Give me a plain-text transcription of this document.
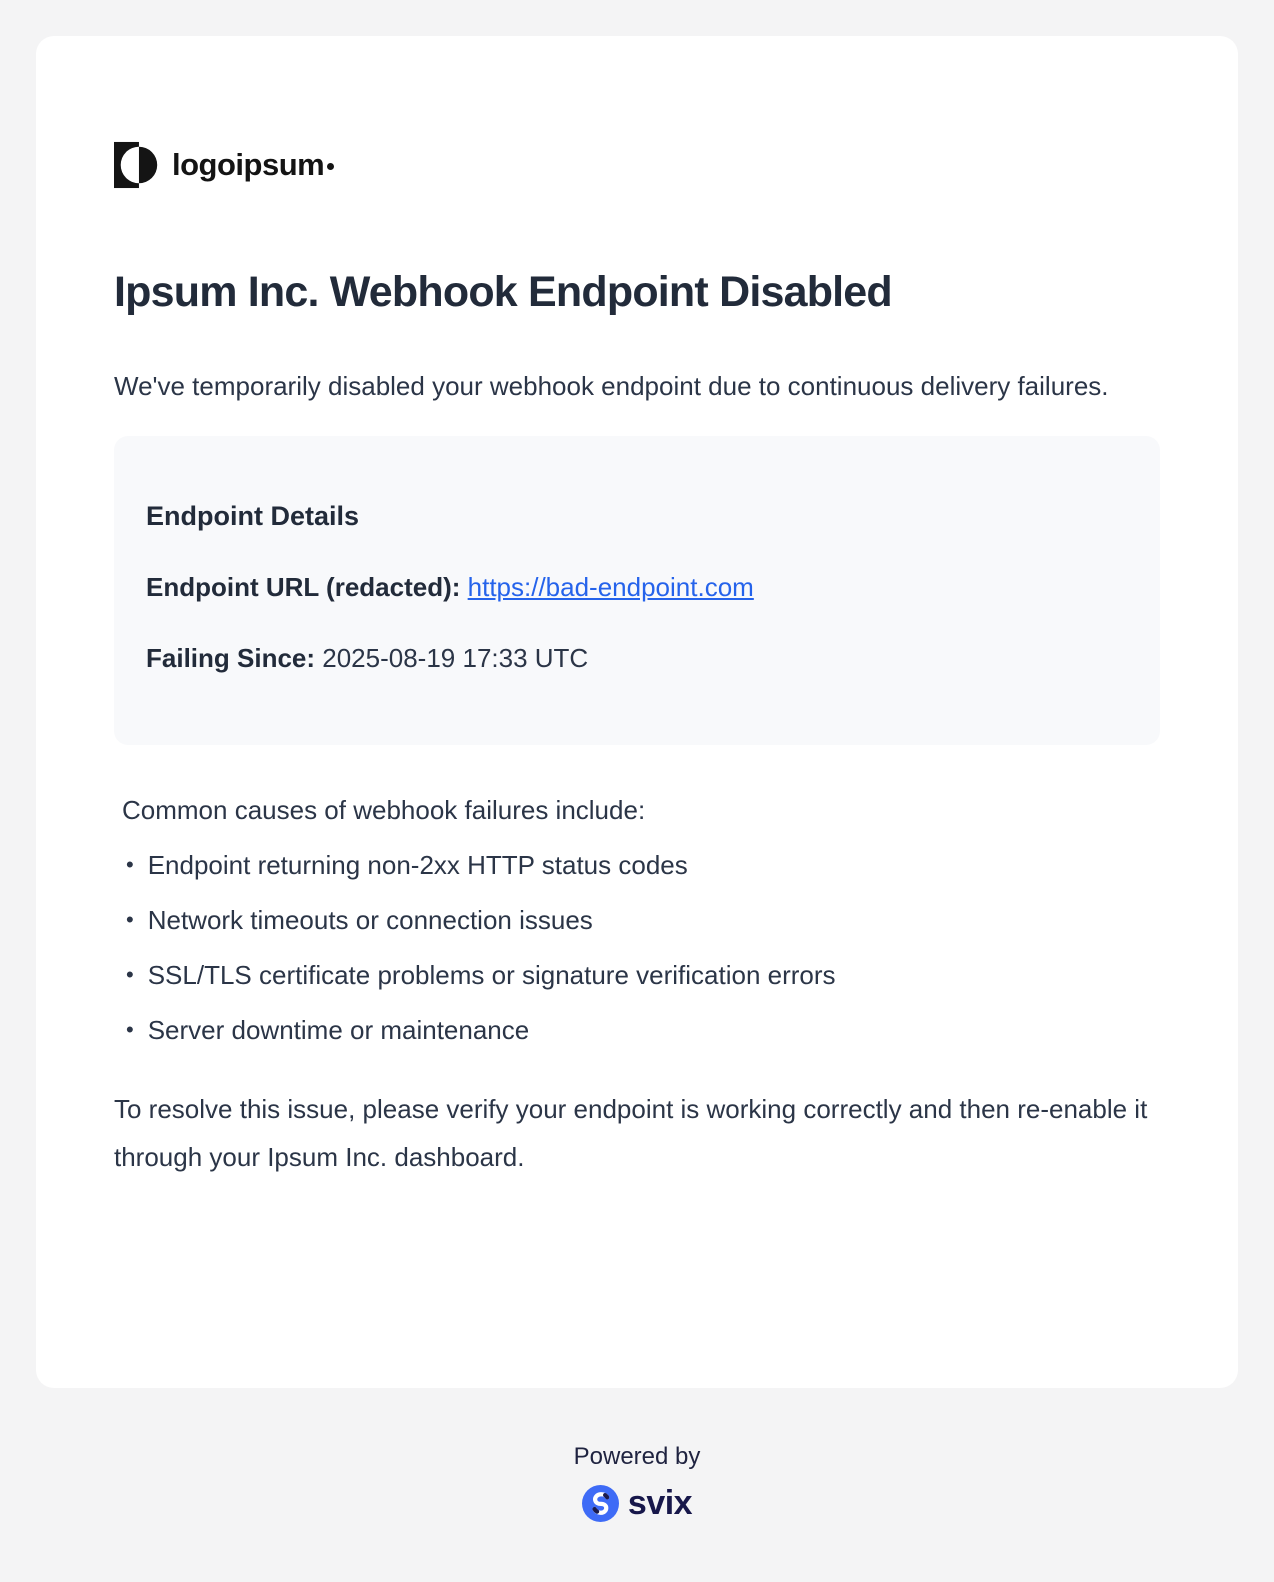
logoipsum
Ipsum Inc. Webhook Endpoint Disabled

We've temporarily disabled your webhook endpoint due to continuous delivery failures.

Endpoint Details
Endpoint URL (redacted): https://bad-endpoint.com
Failing Since: 2025-08-19 17:33 UTC

Common causes of webhook failures include:

• Endpoint returning non-2xx HTTP status codes
• Network timeouts or connection issues
• SSL/TLS certificate problems or signature verification errors
• Server downtime or maintenance

To resolve this issue, please verify your endpoint is working correctly and then re-enable it through your Ipsum Inc. dashboard.

Powered by
svix
